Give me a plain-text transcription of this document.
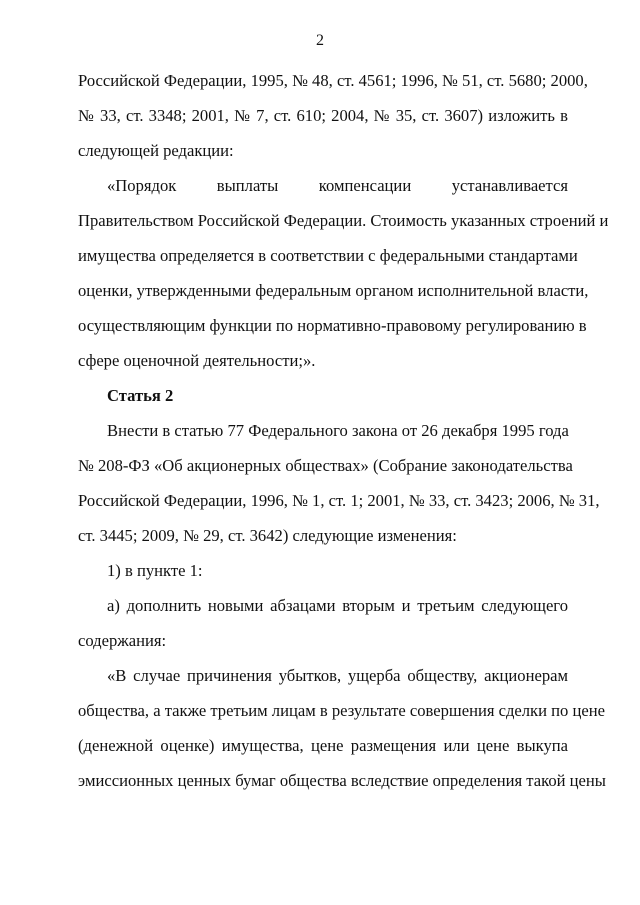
2
Российской Федерации, 1995, № 48, ст. 4561; 1996, № 51, ст. 5680; 2000,
№ 33, ст. 3348; 2001, № 7, ст. 610; 2004, № 35, ст. 3607) изложить в
следующей редакции:
«Порядок выплаты компенсации устанавливается
Правительством Российской Федерации. Стоимость указанных строений и
имущества определяется в соответствии с федеральными стандартами
оценки, утвержденными федеральным органом исполнительной власти,
осуществляющим функции по нормативно-правовому регулированию в
сфере оценочной деятельности;».
Статья 2
Внести в статью 77 Федерального закона от 26 декабря 1995 года
№ 208-ФЗ «Об акционерных обществах» (Собрание законодательства
Российской Федерации, 1996, № 1, ст. 1; 2001, № 33, ст. 3423; 2006, № 31,
ст. 3445; 2009, № 29, ст. 3642) следующие изменения:
1) в пункте 1:
а) дополнить новыми абзацами вторым и третьим следующего
содержания:
«В случае причинения убытков, ущерба обществу, акционерам
общества, а также третьим лицам в результате совершения сделки по цене
(денежной оценке) имущества, цене размещения или цене выкупа
эмиссионных ценных бумаг общества вследствие определения такой цены
